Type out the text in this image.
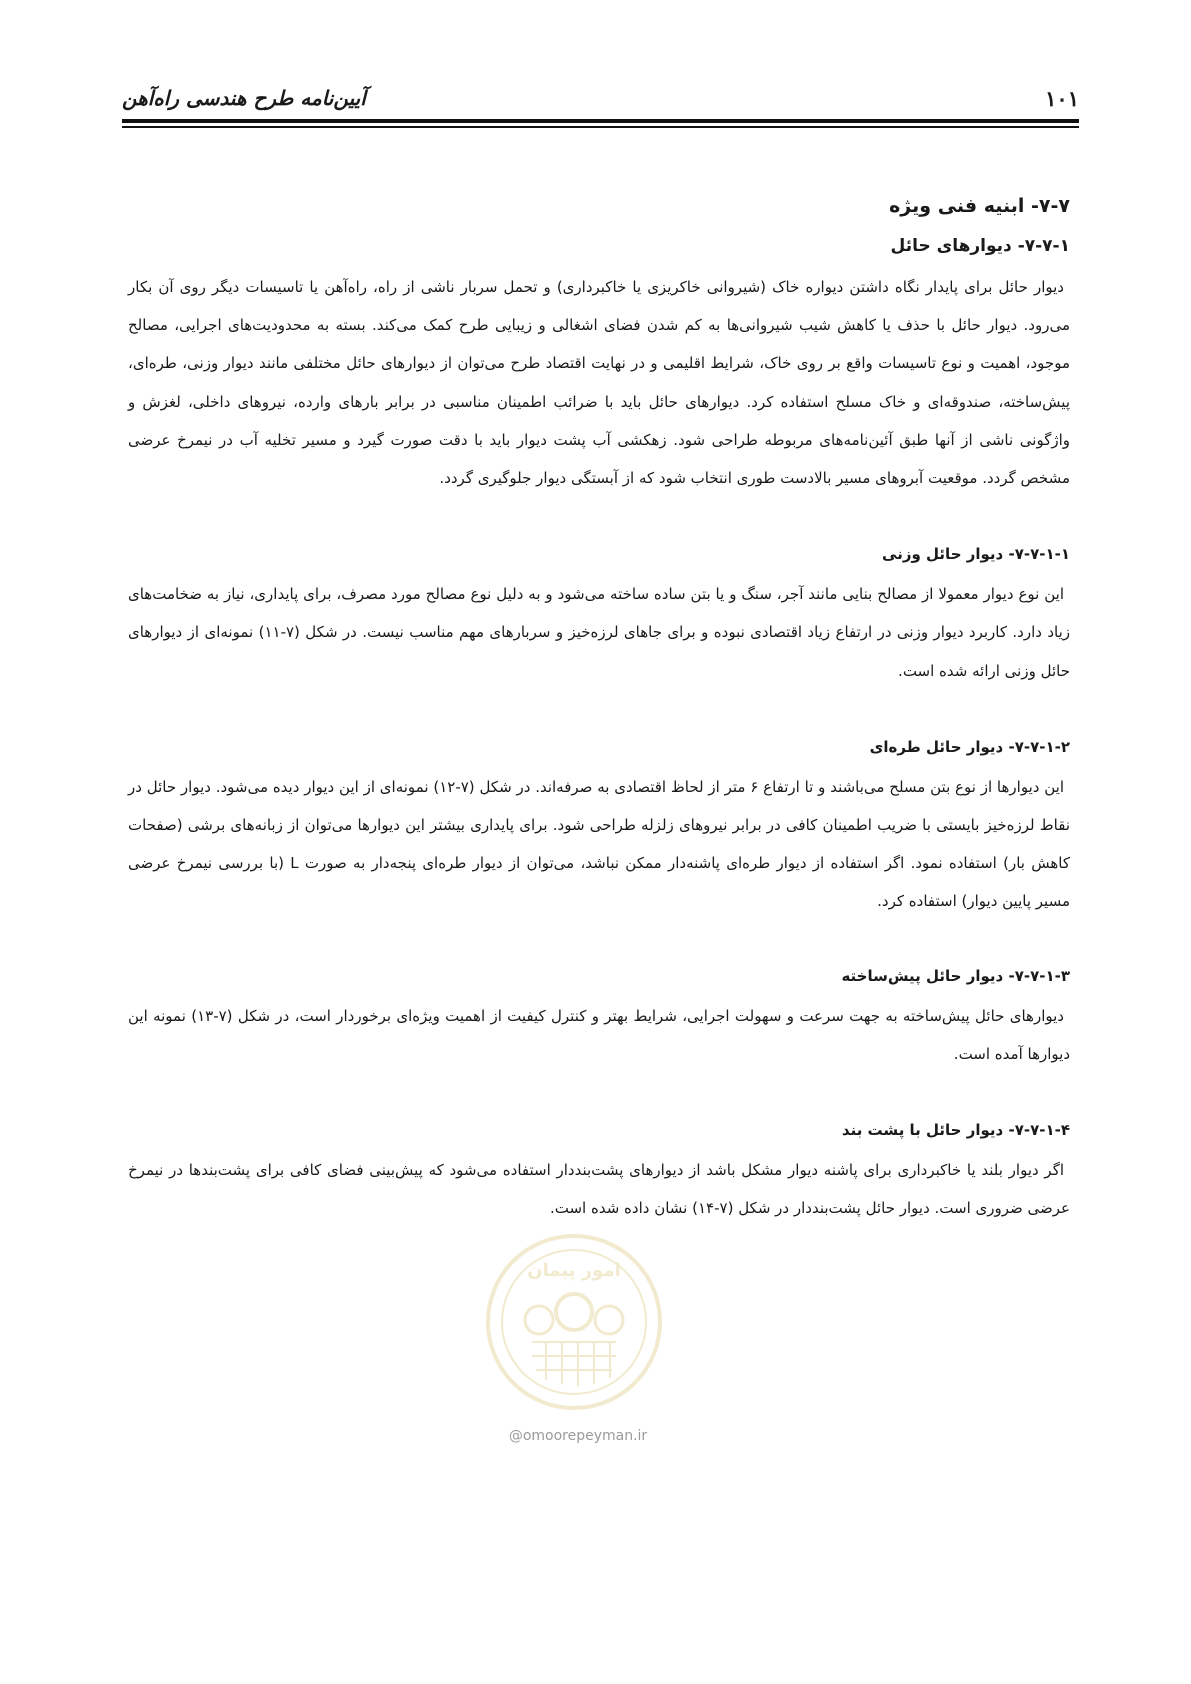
آیین‌نامه طرح هندسی راه‌آهن	۱۰۱
۷-۷- ابنیه فنی ویژه
۷-۷-۱- دیوارهای حائل

دیوار حائل برای پایدار نگاه داشتن دیواره خاک (شیروانی خاکریزی یا خاکبرداری) و تحمل سربار ناشی از راه، راه‌آهن یا تاسیسات دیگر روی آن بکار می‌رود. دیوار حائل با حذف یا کاهش شیب شیروانی‌ها به کم شدن فضای اشغالی و زیبایی طرح کمک می‌کند. بسته به محدودیت‌های اجرایی، مصالح موجود، اهمیت و نوع تاسیسات واقع بر روی خاک، شرایط اقلیمی و در نهایت اقتصاد طرح می‌توان از دیوارهای حائل مختلفی مانند دیوار وزنی، طره‌ای، پیش‌ساخته، صندوقه‌ای و خاک مسلح استفاده کرد. دیوارهای حائل باید با ضرائب اطمینان مناسبی در برابر بارهای وارده، نیروهای داخلی، لغزش و واژگونی ناشی از آنها طبق آئین‌نامه‌های مربوطه طراحی شود. زهکشی آب پشت دیوار باید با دقت صورت گیرد و مسیر تخلیه آب در نیمرخ عرضی مشخص گردد. موقعیت آبروهای مسیر بالادست طوری انتخاب شود که از آبستگی دیوار جلوگیری گردد.

۷-۷-۱-۱- دیوار حائل وزنی

این نوع دیوار معمولا از مصالح بنایی مانند آجر، سنگ و یا بتن ساده ساخته می‌شود و به دلیل نوع مصالح مورد مصرف، برای پایداری، نیاز به ضخامت‌های زیاد دارد. کاربرد دیوار وزنی در ارتفاع زیاد اقتصادی نبوده و برای جاهای لرزه‌خیز و سربارهای مهم مناسب نیست. در شکل (۷-۱۱) نمونه‌ای از دیوارهای حائل وزنی ارائه شده است.

۷-۷-۱-۲- دیوار حائل طره‌ای

این دیوارها از نوع بتن مسلح می‌باشند و تا ارتفاع ۶ متر از لحاظ اقتصادی به صرفه‌اند. در شکل (۷-۱۲) نمونه‌ای از این دیوار دیده می‌شود. دیوار حائل در نقاط لرزه‌خیز بایستی با ضریب اطمینان کافی در برابر نیروهای زلزله طراحی شود. برای پایداری بیشتر این دیوارها می‌توان از زبانه‌های برشی (صفحات کاهش بار) استفاده نمود. اگر استفاده از دیوار طره‌ای پاشنه‌دار ممکن نباشد، می‌توان از دیوار طره‌ای پنجه‌دار به صورت L (با بررسی نیمرخ عرضی مسیر پایین دیوار) استفاده کرد.

۷-۷-۱-۳- دیوار حائل پیش‌ساخته

دیوارهای حائل پیش‌ساخته به جهت سرعت و سهولت اجرایی، شرایط بهتر و کنترل کیفیت از اهمیت ویژه‌ای برخوردار است، در شکل (۷-۱۳) نمونه این دیوارها آمده است.

۷-۷-۱-۴- دیوار حائل با پشت بند

اگر دیوار بلند یا خاکبرداری برای پاشنه دیوار مشکل باشد از دیوارهای پشت‌بنددار استفاده می‌شود که پیش‌بینی فضای کافی برای پشت‌بندها در نیمرخ عرضی ضروری است. دیوار حائل پشت‌بنددار در شکل (۷-۱۴) نشان داده شده است.

امور پیمان
@omoorepeyman.ir
